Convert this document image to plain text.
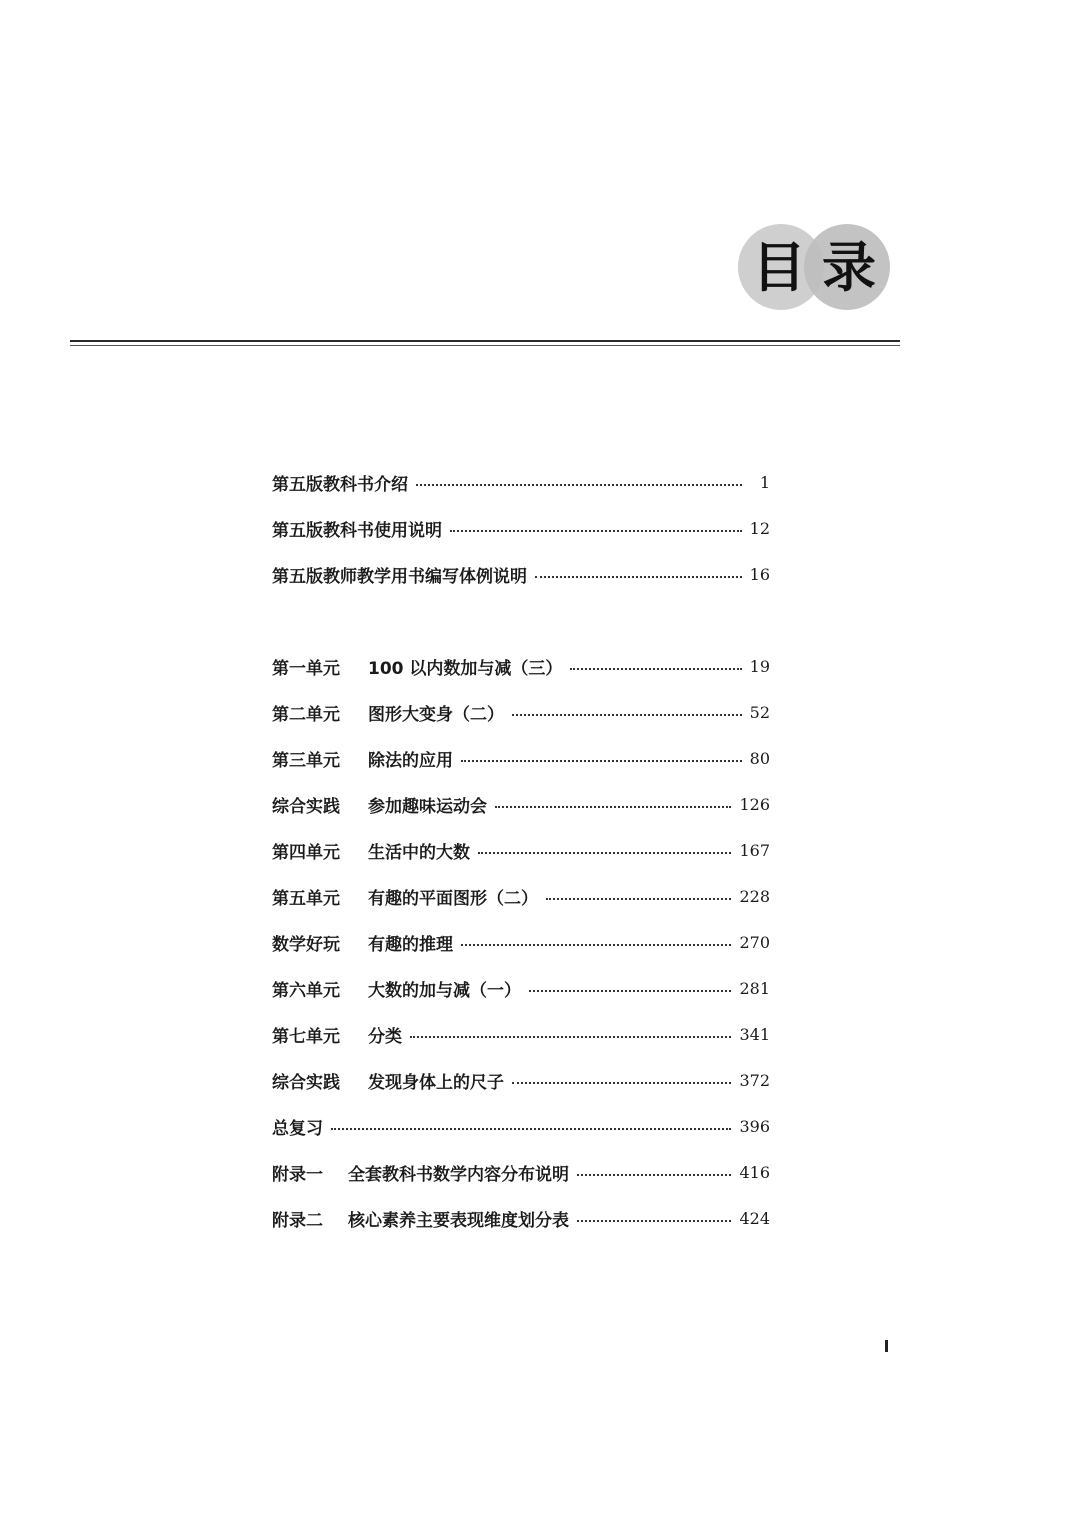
目 录
第五版教科书介绍	1
第五版教科书使用说明	12
第五版教师教学用书编写体例说明	16
第一单元 100 以内数加与减（三）	19
第二单元 图形大变身（二）	52
第三单元 除法的应用	80
综合实践 参加趣味运动会	126
第四单元 生活中的大数	167
第五单元 有趣的平面图形（二）	228
数学好玩 有趣的推理	270
第六单元 大数的加与减（一）	281
第七单元 分类	341
综合实践 发现身体上的尺子	372
总复习	396
附录一 全套教科书数学内容分布说明	416
附录二 核心素养主要表现维度划分表	424
